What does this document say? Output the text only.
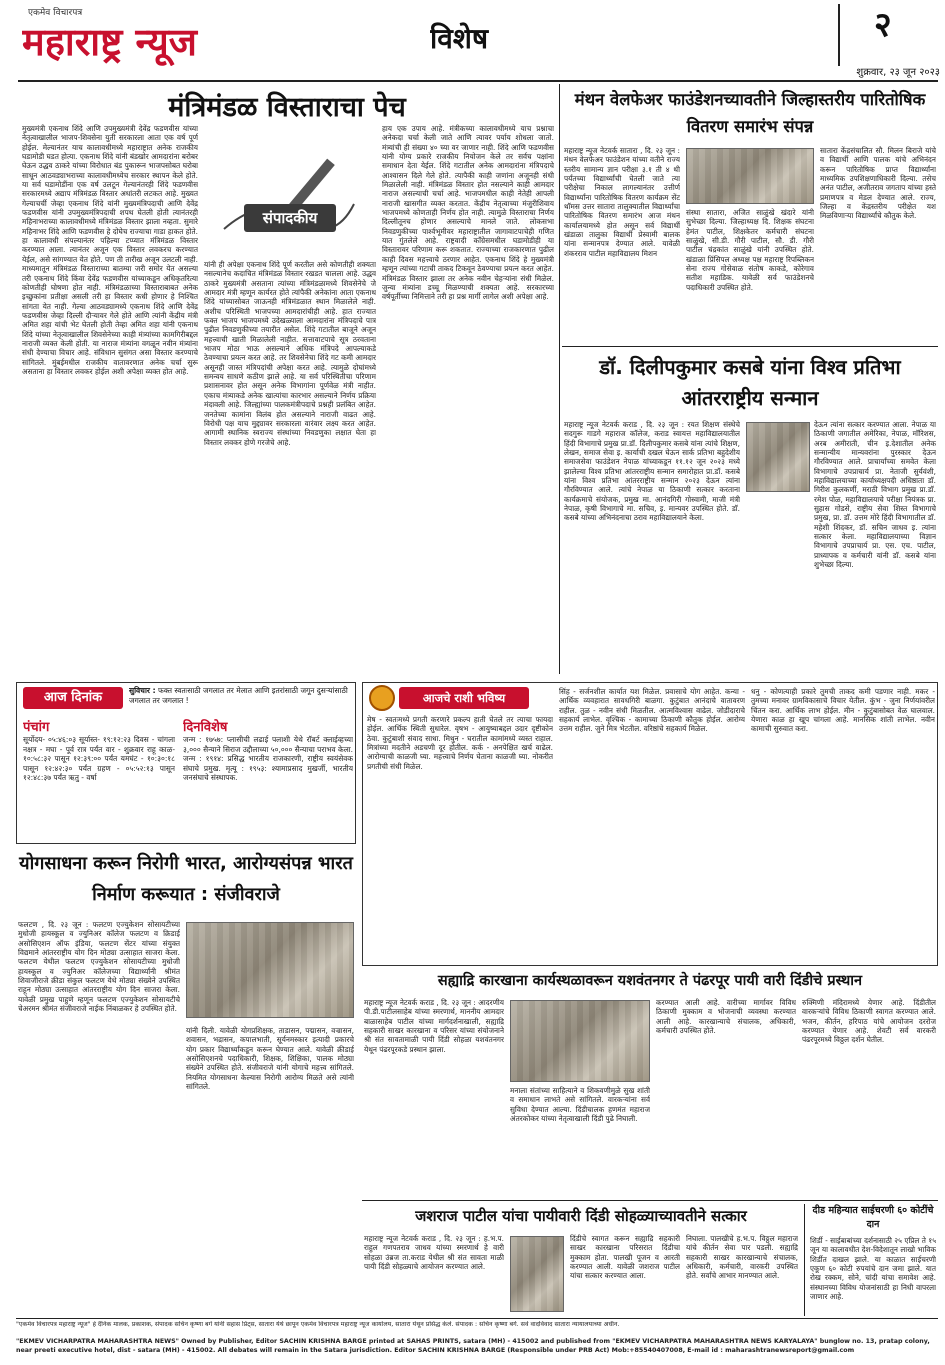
एकमेव विचारपत्र
महाराष्ट्र न्यूज	विशेष	२
शुक्रवार, २३ जून २०२३
मंत्रिमंडळ विस्ताराचा पेच
मुख्यमंत्री एकनाथ शिंदे आणि उपमुख्यमंत्री देवेंद्र फडणवीस यांच्या नेतृत्वाखालील भाजप-शिवसेना युती सरकारला आता एक वर्ष पूर्ण होईल. मेल्यानंतर याच कालावधीमध्ये महाराष्ट्रात अनेक राजकीय घडामोडी घडत होत्या. एकनाथ शिंदे यांनी बंडखोर आमदारांना बरोबर घेऊन उद्धव ठाकरे यांच्या विरोधात बंड पुकारून भाजपसोबत घरोबा साधून आठवड्याभराच्या कालावधीमध्येच सरकार स्थापन केले होते. या सर्व घडामोडींना एक वर्ष उलटून गेल्यानंतरही शिंदे फडणवीस सरकारमध्ये अद्याप मंत्रिमंडळ विस्तार अधांतरी लटकत आहे. मुख्यत गेल्याचर्ची जेव्हा एकनाथ शिंदे यांनी मुख्यमंत्रिपदाची आणि देवेंद्र फडणवीस यांनी उपमुख्यमंत्रिपदाची शपथ घेतली होती त्यानंतरही महिनाभराच्या कालावधीमध्ये मंत्रिमंडळ विस्तार झाला नव्हता. सुमारे महिनाभर शिंदे आणि फडणवीस हे दोघेच राज्याचा गाडा हाकत होते. हा कालावधी संपल्यानंतर पहिल्या टप्प्यात मंत्रिमंडळ विस्तार करण्यात आला. त्यानंतर अजून एक विस्तार लवकरच करण्यात येईल, असे सांगण्यात येत होते. पण ती तारीख अजून उलटली नाही. माध्यमातून मंत्रिमंडळ विस्ताराच्या बातम्या जरी समोर येत असल्या तरी एकनाथ शिंदे किंवा देवेंद्र फडणवीस यांच्याकडून अधिकृतरित्या कोणतीही घोषणा होत नाही. मंत्रिमंडळाच्या विस्ताराबाबत अनेक इच्छुकांना प्रतीक्षा असली तरी हा विस्तार कधी होणार हे निश्चित सांगता येत नाही. गेल्या आठवड्यामध्ये एकनाथ शिंदे आणि देवेंद्र फडणवीस जेव्हा दिल्ली दौऱ्यावर गेले होते आणि त्यांनी केंद्रीय मंत्री अमित शहा यांची भेट घेतली होती तेव्हा अमित शहा यांनी एकनाथ शिंदे यांच्या नेतृत्वाखालील शिवसेनेच्या काही मंत्र्यांच्या कामगिरीबद्दल नाराजी व्यक्त केली होती. या नाराज मंत्र्यांना वगळून नवीन मंत्र्यांना संधी देण्याचा विचार आहे. संविधान सुसंगत असा विस्तार करण्याचे सांगितले. मुंबईमधील राजकीय वातावरणात अनेक चर्चा सुरू असताना हा विस्तार लवकर होईल अशी अपेक्षा व्यक्त होत आहे.
संपादकीय
यांनी ही अपेक्षा एकनाथ शिंदे पूर्ण करतील असे कोणतीही शक्यता नसल्यानेच कदाचित मंत्रिमंडळ विस्तार रखडत चालला आहे. उद्धव ठाकरे मुख्यमंत्री असताना त्यांच्या मंत्रिमंडळामध्ये शिवसेनेचे जे आमदार मंत्री म्हणून कार्यरत होते त्यांपैकी अनेकांना आता एकनाथ शिंदे यांच्यासोबत जाऊनही मंत्रिमंडळात स्थान मिळालेले नाही. अशीच परिस्थिती भाजपच्या आमदारांचीही आहे. हात राज्यात फक्त भाजप भाजपमध्ये उदेखळ्याला आमदारांना मंत्रिपदाचे पात्र पुढील निवडणुकीच्या तयारीत असेल. शिंदे गटातील बाजूने अजून महत्त्वाची खाती मिळालेली नाहीत. सत्तावाटपाचे सूत्र ठरवताना भाजप मोठा भाऊ असल्याने अधिक मंत्रिपदे आपल्याकडे ठेवण्याचा प्रयत्न करत आहे. तर शिवसेनेचा शिंदे गट कमी आमदार असूनही जास्त मंत्रिपदांची अपेक्षा करत आहे. त्यामुळे दोघांमध्ये समन्वय साधणे कठीण झाले आहे. या सर्व परिस्थितीचा परिणाम प्रशासनावर होत असून अनेक विभागांना पूर्णवेळ मंत्री नाहीत. एकाच मंत्र्याकडे अनेक खात्यांचा कारभार असल्याने निर्णय प्रक्रिया मंदावली आहे. जिल्ह्यांच्या पालकमंत्रीपदाचे प्रश्नही प्रलंबित आहेत. जनतेच्या कामांना विलंब होत असल्याने नाराजी वाढत आहे. विरोधी पक्ष याच मुद्द्यावर सरकारला वारंवार लक्ष्य करत आहेत. आगामी स्थानिक स्वराज्य संस्थांच्या निवडणुका लक्षात घेता हा विस्तार लवकर होणे गरजेचे आहे.
हाय एक उपाय आहे. मंत्रीकच्या कालावधीमध्ये याच प्रश्नाचा अनेकदा चर्चा केली जाते आणि त्यावर पर्याय शोधला जातो. मंत्र्यांची ही संख्या ४० च्या वर जाणार नाही. शिंदे आणि फडणवीस यांनी योग्य प्रकारे राजकीय नियोजन केले तर सर्वच पक्षांना समाधान देता येईल. शिंदे गटातील अनेक आमदारांना मंत्रिपदाचे आश्वासन दिले गेले होते. त्यापैकी काही जणांना अजूनही संधी मिळालेली नाही. मंत्रिमंडळ विस्तार होत नसल्याने काही आमदार नाराज असल्याची चर्चा आहे. भाजपमधील काही नेतेही आपली नाराजी खासगीत व्यक्त करतात. केंद्रीय नेतृत्वाच्या मंजुरीशिवाय भाजपमध्ये कोणताही निर्णय होत नाही. त्यामुळे विस्ताराचा निर्णय दिल्लीतूनच होणार असल्याचे मानले जाते. लोकसभा निवडणुकीच्या पार्श्वभूमीवर महाराष्ट्रातील जागावाटपाचेही गणित यात गुंतलेले आहे. राष्ट्रवादी काँग्रेसमधील घडामोडीही या विस्तारावर परिणाम करू शकतात. राज्याच्या राजकारणात पुढील काही दिवस महत्त्वाचे ठरणार आहेत. एकनाथ शिंदे हे मुख्यमंत्री म्हणून त्यांच्या गटाची ताकद टिकवून ठेवण्याचा प्रयत्न करत आहेत. मंत्रिमंडळ विस्तार झाला तर अनेक नवीन चेहऱ्यांना संधी मिळेल. जुन्या मंत्र्यांना डच्चू मिळण्याची शक्यता आहे. सरकारच्या वर्षपूर्तीच्या निमित्ताने तरी हा प्रश्न मार्गी लागेल अशी अपेक्षा आहे.
मंथन वेलफेअर फाउंडेशनच्यावतीने जिल्हास्तरीय पारितोषिक वितरण समारंभ संपन्न
महाराष्ट्र न्यूज नेटवर्क सातारा , दि. २३ जून : मंथन वेलफेअर फाउंडेशन यांच्या वतीने राज्य स्तरीय सामान्य ज्ञान परीक्षा ३.१ ती ४ थी पर्यंतच्या विद्यार्थ्यांची घेतली जाते त्या परीक्षेचा निकाल लागल्यानंतर उत्तीर्ण विद्यार्थ्यांना पारितोषिक वितरण कार्यक्रम सेंट थॉमस उत्तर सातारा तालुक्यातील विद्यार्थ्यांचा पारितोषिक वितरण समारंभ आज मंथन कार्यालयामध्ये होत असून सर्व विद्यार्थी खंडाळा तालुका विद्यार्थी प्रेस्वामी बालक यांना सन्मानपत्र देण्यात आले. यावेळी शंकरराव पाटील महाविद्यालय मिशन
संस्था सातारा, अजित साळुंखे खंदारे यांनी सुभेच्छा दिल्या. जिल्हाध्यक्ष दि. शिक्षक संघटना हेमंत पाटील, शिक्षकेतर कर्मचारी संघटना साळुंखे, सी.डी. गौरी पाटील, सौ. डी. गौरी पाटील चंद्रकांत साळुंखे यांनी उपस्थित होते. खंडाळा प्रिंसिपल अध्यक्ष पक्ष महाराष्ट्र रिपब्लिकन सेना राज्य गोसेवाळ संतोष काकडे, कोरेगाव सतीश महाडिक. यावेळी सर्व फाउंडेशनचे पदाधिकारी उपस्थित होते.
सातारा केंद्रसंचालित सौ. मिलन बिराजे यांचे व विद्यार्थी आणि पालक यांचे अभिनंदन करून पारितोषिक प्राप्त विद्यार्थ्यांना माध्यमिक उपशिक्षणाधिकारी दिल्या. तसेच अनंत पाटील, अजीतराव जगताप यांच्या हस्ते प्रमाणपत्र व मेडल देण्यात आले. राज्य, जिल्हा व केंद्रस्तरीय परीक्षेत यश मिळविणाऱ्या विद्यार्थ्यांचे कौतुक केले.
डॉ. दिलीपकुमार कसबे यांना विश्व प्रतिभा आंतरराष्ट्रीय सन्मान
महाराष्ट्र न्यूज नेटवर्क कराड , दि. २३ जून : रयत शिक्षण संस्थेचे सदगुरू गाडगे महाराज कॉलेज, कराड स्वायत्त महाविद्यालयातील हिंदी विभागाचे प्रमुख प्रा.डॉ. दिलीपकुमार कसबे यांना त्यांचे शिक्षण, लेखन, समाज सेवा इ. कार्याची दखल घेऊन सार्क प्रतिभा बहुदेशीय समाजसेवा फाउंडेशन नेपाळ यांच्याकडून ११.१२ जून २०२३ मध्ये झालेल्या विश्व प्रतिभा आंतरराष्ट्रीय सन्मान समारोहात प्रा.डॉ. कसबे यांना विश्व प्रतिभा आंतरराष्ट्रीय सन्मान २०२३ देऊन त्यांना गौरविण्यात आले. त्यांचे नेपाळ या ठिकाणी सत्कार करताना कार्यक्रमाचे संयोजक, प्रमुख मा. आनंदगिरी गोस्वामी, माजी मंत्री नेपाळ, कृषी विभागाचे मा. सचिव, इ. मान्यवर उपस्थित होते. डॉ. कसबे यांच्या अभिनंदनाचा ठराव महाविद्यालयाने केला.
देऊन त्यांना सत्कार करण्यात आला. नेपाळ या ठिकाणी जगातील अमेरिका, नेपाळ, मॉरिशस, अरब अमीराती, चीन इ.देशातील अनेक सन्मान्यीय मान्यवरांना पुरस्कार देऊन गौरविण्यात आले. प्राचार्यांच्या समवेत केला विभागाचे उपप्राचार्य प्रा. नेताजी सुर्यवंशी, महाविद्यालयाच्या कार्याध्यक्षपदी अधिष्ठाता डॉ. गिरीश कुलकर्णी, मराठी विभाग प्रमुख प्रा.डॉ. रमेश पोळ, महाविद्यालयाचे परीक्षा नियंत्रक प्रा. सुहास गोडसे, राष्ट्रीय सेवा शिस्त विभागाचे प्रमुख, प्रा. डॉ. उत्तम मोरे हिंदी विभागातील डॉ. महेशी शिंदकर, डॉ. सचिन जाधव इ. त्यांना सत्कार केला. महाविद्यालयाच्या विज्ञान विभागाचे उपप्राचार्य प्रा. एस. एच. पाटील, प्राध्यापक व कर्मचारी यांनी डॉ. कसबे यांना शुभेच्छा दिल्या.
आज दिनांक	सुविचार : फक्त स्वतःसाठी जगलात तर मेलात आणि इतरांसाठी जगून दुसऱ्यांसाठी जगलात तर जगलात !
पंचांग
सूर्योदय- ०५:४६:०३ सूर्यास्त- १९:१२:२३ दिवस - चांगला नक्षत्र - मघा - पूर्व रात्र पर्यंत वार - शुक्रवार राहू काळ- १०:५८:३२ पासून १२:३९:०० पर्यंत यमघंट - १०:३०:१८ पासून १२:४२:३० पर्यंत ग्रहण - ०५:५२:१३ पासून १२:४८:३७ पर्यंत ऋतु - वर्षा
दिनविशेष
जन्म : १७५७: प्लासीची लढाई पलाशी येथे रॉबर्ट क्लाईव्हच्या ३,००० सैन्याने सिराज उद्दौलाच्या ५०,००० सैन्याचा पराभव केला. जन्म : १९१४: प्रसिद्ध भारतीय राजकारणी, राष्ट्रीय स्वयंसेवक संघाचे प्रमुख. मृत्यू : १९५३: श्यामाप्रसाद मुखर्जी, भारतीय जनसंघाचे संस्थापक.
आजचे राशी भविष्य
मेष - स्वतःमध्ये प्रगती करणारे प्रकल्प हाती घेतले तर त्याचा फायदा होईल. आर्थिक स्थिती सुधारेल. वृषभ - आयुष्याबद्दल उदार दृष्टीकोन ठेवा. कुटुंबाशी संवाद साधा. मिथुन - घरातील कामांमध्ये व्यस्त राहाल. मित्रांच्या मदतीने अडचणी दूर होतील. कर्क - अनपेक्षित खर्च वाढेल. आरोग्याची काळजी घ्या. महत्त्वाचे निर्णय घेताना काळजी घ्या. नोकरीत प्रगतीची संधी मिळेल.
सिंह - सर्जनशील कार्यात यश मिळेल. प्रवासाचे योग आहेत. कन्या - आर्थिक व्यवहारात सावधगिरी बाळगा. कुटुंबात आनंदाचे वातावरण राहील. तुळ - नवीन संधी मिळतील. आत्मविश्वास वाढेल. जोडीदाराचे सहकार्य लाभेल. वृश्चिक - कामाच्या ठिकाणी कौतुक होईल. आरोग्य उत्तम राहील. जुने मित्र भेटतील. वरिष्ठांचे सहकार्य मिळेल.
धनु - कोणत्याही प्रकारे तुमची ताकद कमी पडणार नाही. मकर - तुमच्या मनावर ग्रामविकासाचे विचार येतील. कुंभ - जुना निर्णयांवरील चिंतन करा. आर्थिक लाभ होईल. मीन - कुटुंबासोबत वेळ घालवाल. येणारा काळ हा खूप चांगला आहे. मानसिक शांती लाभेल. नवीन कामाची सुरुवात करा.
योगसाधना करून निरोगी भारत, आरोग्यसंपन्न भारत निर्माण करूयात : संजीवराजे
फलटण , दि. २३ जून : फलटण एज्युकेशन सोसायटीच्या मुधोजी हायस्कूल व ज्युनिअर कॉलेज फलटण व क्रिडाई असोसिएशन ऑफ इंडिया, फलटण सेंटर यांच्या संयुक्त विद्यमाने आंतरराष्ट्रीय योग दिन मोठ्या उत्साहात साजरा केला. फलटण येथील फलटण एज्युकेशन सोसायटीच्या मुधोजी हायस्कूल व ज्युनिअर कॉलेजच्या विद्यार्थ्यांनी श्रीमंत शिवाजीराजे क्रीडा संकुल फलटण येथे मोठ्या संख्येने उपस्थित राहून मोठ्या उत्साहात आंतरराष्ट्रीय योग दिन साजरा केला. यावेळी प्रमुख पाहुणे म्हणून फलटण एज्युकेशन सोसायटीचे चेअरमन श्रीमंत संजीवराजे नाईक निंबाळकर हे उपस्थित होते.
यांनी दिली. यावेळी योगप्रशिक्षक, ताडासन, पद्मासन, वज्रासन, शवासन, भद्रासन, कपालभाती, सूर्यनमस्कार इत्यादी प्रकारचे योग प्रकार विद्यार्थ्यांकडून करून घेण्यात आले. यावेळी क्रीडाई असोसिएशनचे पदाधिकारी, शिक्षक, शिक्षिका, पालक मोठ्या संख्येने उपस्थित होते. संजीवराजे यांनी योगाचे महत्त्व सांगितले. नियमित योगसाधना केल्यास निरोगी आरोग्य मिळते असे त्यांनी सांगितले.
सह्याद्रि कारखाना कार्यस्थळावरून यशवंतनगर ते पंढरपूर पायी वारी दिंडीचे प्रस्थान
महाराष्ट्र न्यूज नेटवर्क कराड , दि. २३ जून : आदरणीय पी.डी.पाटीलसाहेब यांच्या स्मरणार्थ, माननीय आमदार बाळासाहेब पाटील यांच्या मार्गदर्शनाखाली, सह्याद्रि सहकारी साखर कारखाना व परिसर यांच्या संयोजनाने श्री संत सावतामाळी पायी दिंडी सोहळा यशवंतनगर येथून पंढरपूरकडे प्रस्थान झाला.
मनाला संतांच्या साहित्याने व शिकवणीमुळे सुख शांती व समाधान लाभते असे सांगितले. वारकऱ्यांना सर्व सुविधा देण्यात आल्या. दिंडीचालक हणमंत महाराज अंतरकोकर यांच्या नेतृत्वाखाली दिंडी पुढे निघाली.
करण्यात आली आहे. वारीच्या मार्गावर विविध ठिकाणी मुक्काम व भोजनाची व्यवस्था करण्यात आली आहे. कारखान्याचे संचालक, अधिकारी, कर्मचारी उपस्थित होते.
रुक्मिणी मंदिरामध्ये येणार आहे. दिंडीतील वारकऱ्यांचे विविध ठिकाणी स्वागत करण्यात आले. भजन, कीर्तन, हरिपाठ यांचे आयोजन दररोज करण्यात येणार आहे. शेवटी सर्व वारकरी पंढरपूरमध्ये विठ्ठल दर्शन घेतील.
जशराज पाटील यांचा पायीवारी दिंडी सोहळ्याच्यावतीने सत्कार
महाराष्ट्र न्यूज नेटवर्क कराड , दि. २३ जून : ह.भ.प. राहुल गणपतराव जाधव यांच्या स्मरणार्थ हे वारी सोहळा उंब्रज ता.कराड येथील श्री संत सावता माळी पायी दिंडी सोहळ्याचे आयोजन करण्यात आले.
दिंडीचे स्वागत करून सह्याद्रि सहकारी साखर कारखाना परिसरात दिंडीचा मुक्काम होता. पालखी पूजन व आरती करण्यात आली. यावेळी जशराज पाटील यांचा सत्कार करण्यात आला.
निघाला. पालखीचे ह.भ.प. विठ्ठल महाराज यांचे कीर्तन सेवा पार पडली. सह्याद्रि सहकारी साखर कारखान्याचे संचालक, अधिकारी, कर्मचारी, वारकरी उपस्थित होते. सर्वांचे आभार मानण्यात आले.
दीड महिन्यात साईचरणी ६० कोटींचे दान
शिर्डी - साईबाबांच्या दर्शनासाठी २५ एप्रिल ते १५ जून या कालावधीत देश-विदेशातून लाखो भाविक शिर्डीत दाखल झाले. या काळात साईचरणी एकूण ६० कोटी रुपयांचे दान जमा झाले. यात रोख रक्कम, सोने, चांदी यांचा समावेश आहे. संस्थानच्या विविध योजनांसाठी हा निधी वापरला जाणार आहे.
"एकमेव विचारपत्र महाराष्ट्र न्यूज" हे दैनिक मालक, प्रकाशक, संपादक सचिन कृष्णा बर्गे यांनी सहास प्रिंट्स, सातारा येथे छापून एकमेव विचारपत्र महाराष्ट्र न्यूज कार्यालय, सातारा येथून प्रसिद्ध केले. संपादक : सचिन कृष्णा बर्गे. सर्व वादविवाद सातारा न्यायालयाच्या अधीन.
"EKMEV VICHARPATRA MAHARASHTRA NEWS" Owned by Publisher, Editor SACHIN KRISHNA BARGE printed at SAHAS PRINTS, satara (MH) - 415002 and published from "EKMEV VICHARPATRA MAHARASHTRA NEWS KARYALAYA" bunglow no. 13, pratap colony, near preeti executive hotel, dist - satara (MH) - 415002. All debates will remain in the Satara jurisdiction. Editor SACHIN KRISHNA BARGE (Responsible under PRB Act) Mob:+85540407008, E-mail id : maharashtranewsreport@gmail.com
